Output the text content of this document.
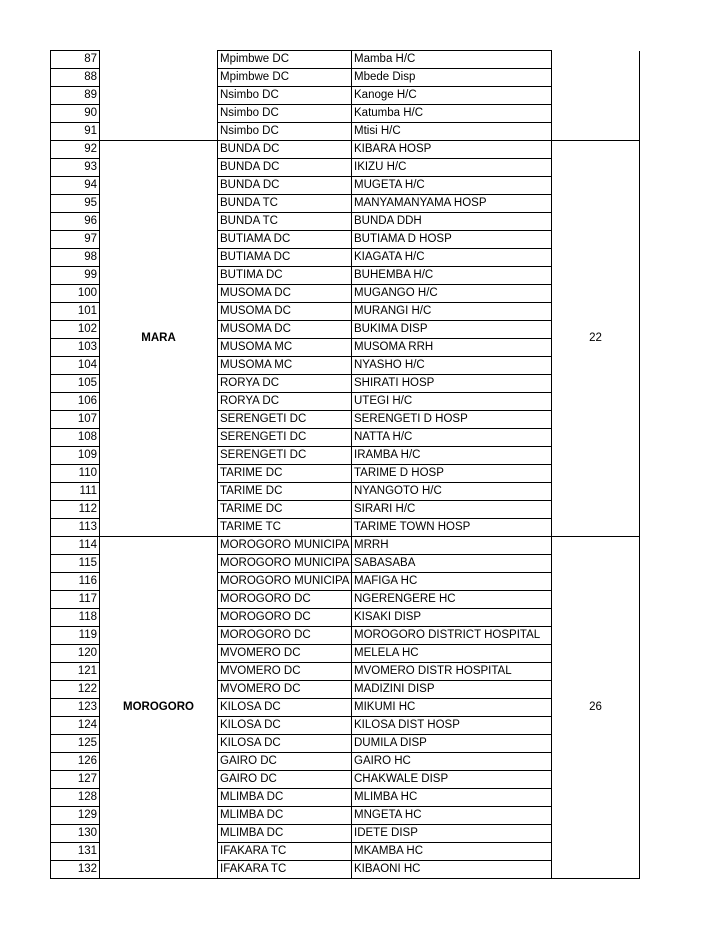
87		Mpimbwe DC	Mamba H/C	
88		Mpimbwe DC	Mbede Disp	
89		Nsimbo DC	Kanoge H/C	
90		Nsimbo DC	Katumba H/C	
91		Nsimbo DC	Mtisi H/C	
92	MARA	BUNDA DC	KIBARA HOSP	22
93		BUNDA DC	IKIZU H/C	
94		BUNDA DC	MUGETA H/C	
95		BUNDA TC	MANYAMANYAMA HOSP	
96		BUNDA TC	BUNDA DDH	
97		BUTIAMA DC	BUTIAMA D HOSP	
98		BUTIAMA DC	KIAGATA H/C	
99		BUTIMA DC	BUHEMBA H/C	
100		MUSOMA DC	MUGANGO H/C	
101		MUSOMA DC	MURANGI H/C	
102		MUSOMA DC	BUKIMA DISP	
103		MUSOMA MC	MUSOMA RRH	
104		MUSOMA MC	NYASHO H/C	
105		RORYA DC	SHIRATI HOSP	
106		RORYA DC	UTEGI H/C	
107		SERENGETI DC	SERENGETI D HOSP	
108		SERENGETI DC	NATTA H/C	
109		SERENGETI DC	IRAMBA H/C	
110		TARIME DC	TARIME D HOSP	
111		TARIME DC	NYANGOTO H/C	
112		TARIME DC	SIRARI H/C	
113		TARIME TC	TARIME TOWN HOSP	
114	MOROGORO	MOROGORO MUNICIPA	MRRH	26
115		MOROGORO MUNICIPA	SABASABA	
116		MOROGORO MUNICIPA	MAFIGA HC	
117		MOROGORO DC	NGERENGERE HC	
118		MOROGORO DC	KISAKI DISP	
119		MOROGORO DC	MOROGORO DISTRICT HOSPITAL	
120		MVOMERO DC	MELELA HC	
121		MVOMERO DC	MVOMERO DISTR HOSPITAL	
122		MVOMERO DC	MADIZINI DISP	
123		KILOSA DC	MIKUMI HC	
124		KILOSA DC	KILOSA DIST HOSP	
125		KILOSA DC	DUMILA DISP	
126		GAIRO DC	GAIRO HC	
127		GAIRO DC	CHAKWALE DISP	
128		MLIMBA DC	MLIMBA HC	
129		MLIMBA DC	MNGETA HC	
130		MLIMBA DC	IDETE DISP	
131		IFAKARA TC	MKAMBA HC	
132		IFAKARA TC	KIBAONI HC	
